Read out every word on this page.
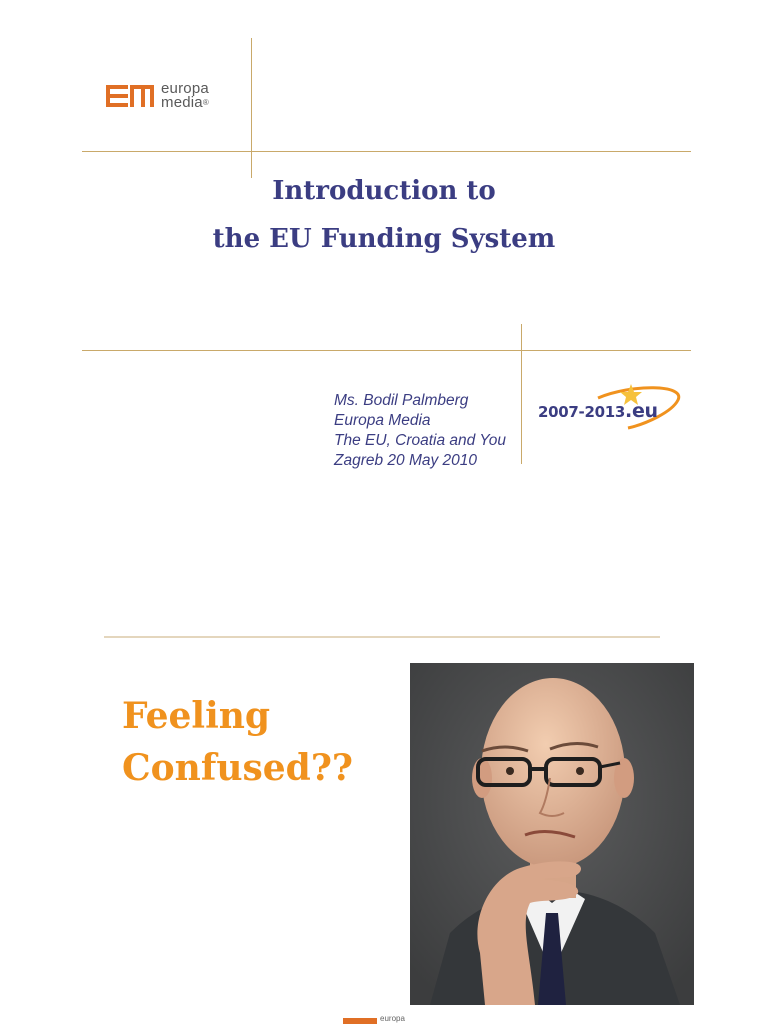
europa
media®
Introduction to
the EU Funding System
Ms. Bodil Palmberg
Europa Media
The EU, Croatia and You
Zagreb 20 May 2010
2007-2013.eu
Feeling
Confused??
europa
